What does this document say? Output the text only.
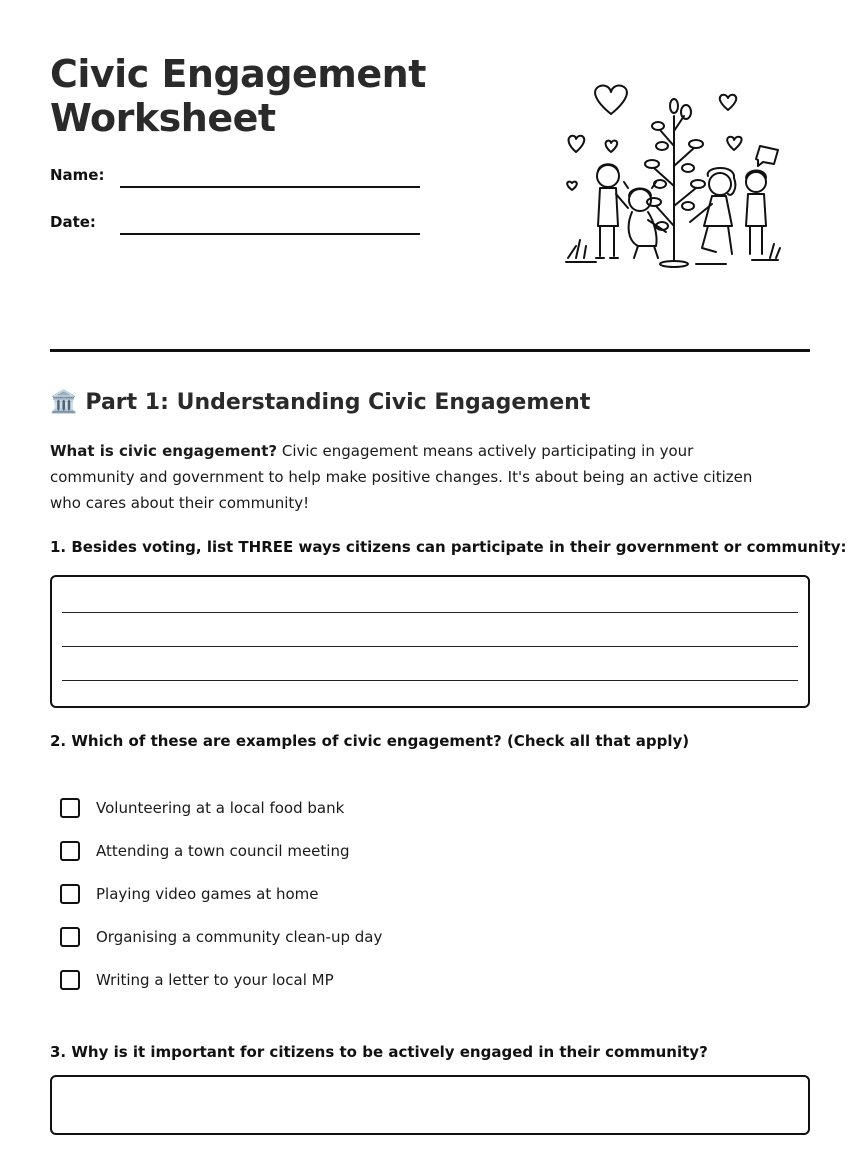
Civic Engagement
Worksheet
Name:
Date:
🏛️ Part 1: Understanding Civic Engagement

What is civic engagement? Civic engagement means actively participating in your community and government to help make positive changes. It's about being an active citizen who cares about their community!

1. Besides voting, list THREE ways citizens can participate in their government or community:

2. Which of these are examples of civic engagement? (Check all that apply)

Volunteering at a local food bank
Attending a town council meeting
Playing video games at home
Organising a community clean-up day
Writing a letter to your local MP

3. Why is it important for citizens to be actively engaged in their community?
